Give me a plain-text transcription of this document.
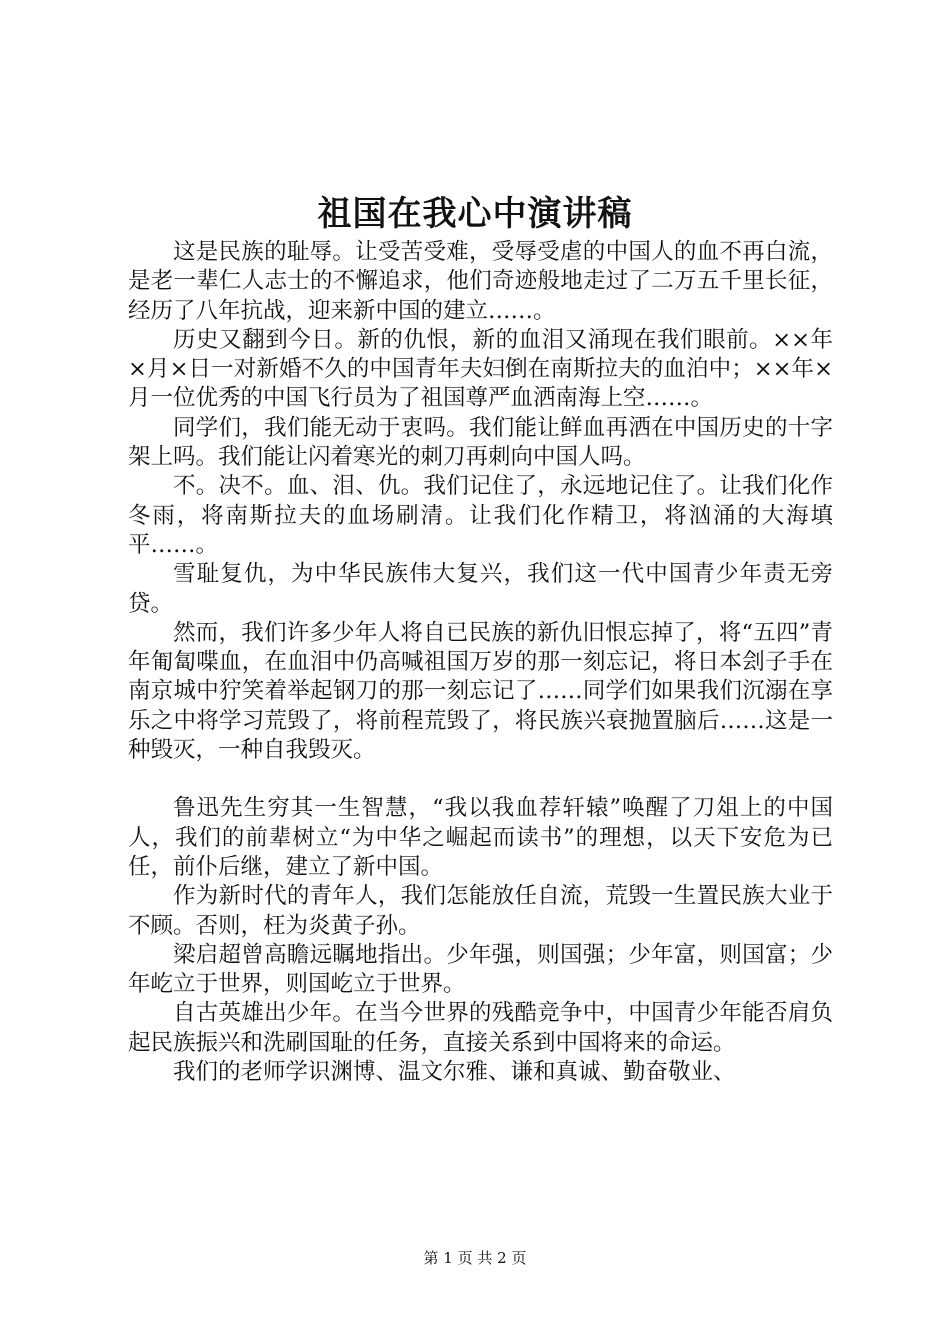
祖国在我心中演讲稿

这是民族的耻辱。让受苦受难，受辱受虐的中国人的血不再白流，是老一辈仁人志士的不懈追求，他们奇迹般地走过了二万五千里长征，经历了八年抗战，迎来新中国的建立……。

历史又翻到今日。新的仇恨，新的血泪又涌现在我们眼前。××年×月×日一对新婚不久的中国青年夫妇倒在南斯拉夫的血泊中；××年×月一位优秀的中国飞行员为了祖国尊严血洒南海上空……。

同学们，我们能无动于衷吗。我们能让鲜血再洒在中国历史的十字架上吗。我们能让闪着寒光的刺刀再刺向中国人吗。

不。决不。血、泪、仇。我们记住了，永远地记住了。让我们化作冬雨，将南斯拉夫的血场刷清。让我们化作精卫，将汹涌的大海填平……。

雪耻复仇，为中华民族伟大复兴，我们这一代中国青少年责无旁贷。

然而，我们许多少年人将自已民族的新仇旧恨忘掉了，将“五四”青年匍匐喋血，在血泪中仍高喊祖国万岁的那一刻忘记，将日本刽子手在南京城中狞笑着举起钢刀的那一刻忘记了……同学们如果我们沉溺在享乐之中将学习荒毁了，将前程荒毁了，将民族兴衰抛置脑后……这是一种毁灭，一种自我毁灭。

鲁迅先生穷其一生智慧，“我以我血荐轩辕”唤醒了刀俎上的中国人，我们的前辈树立“为中华之崛起而读书”的理想，以天下安危为已任，前仆后继，建立了新中国。

作为新时代的青年人，我们怎能放任自流，荒毁一生置民族大业于不顾。否则，枉为炎黄子孙。

梁启超曾高瞻远瞩地指出。少年强，则国强；少年富，则国富；少年屹立于世界，则国屹立于世界。

自古英雄出少年。在当今世界的残酷竞争中，中国青少年能否肩负起民族振兴和洗刷国耻的任务，直接关系到中国将来的命运。

我们的老师学识渊博、温文尔雅、谦和真诚、勤奋敬业、

第 1 页 共 2 页
